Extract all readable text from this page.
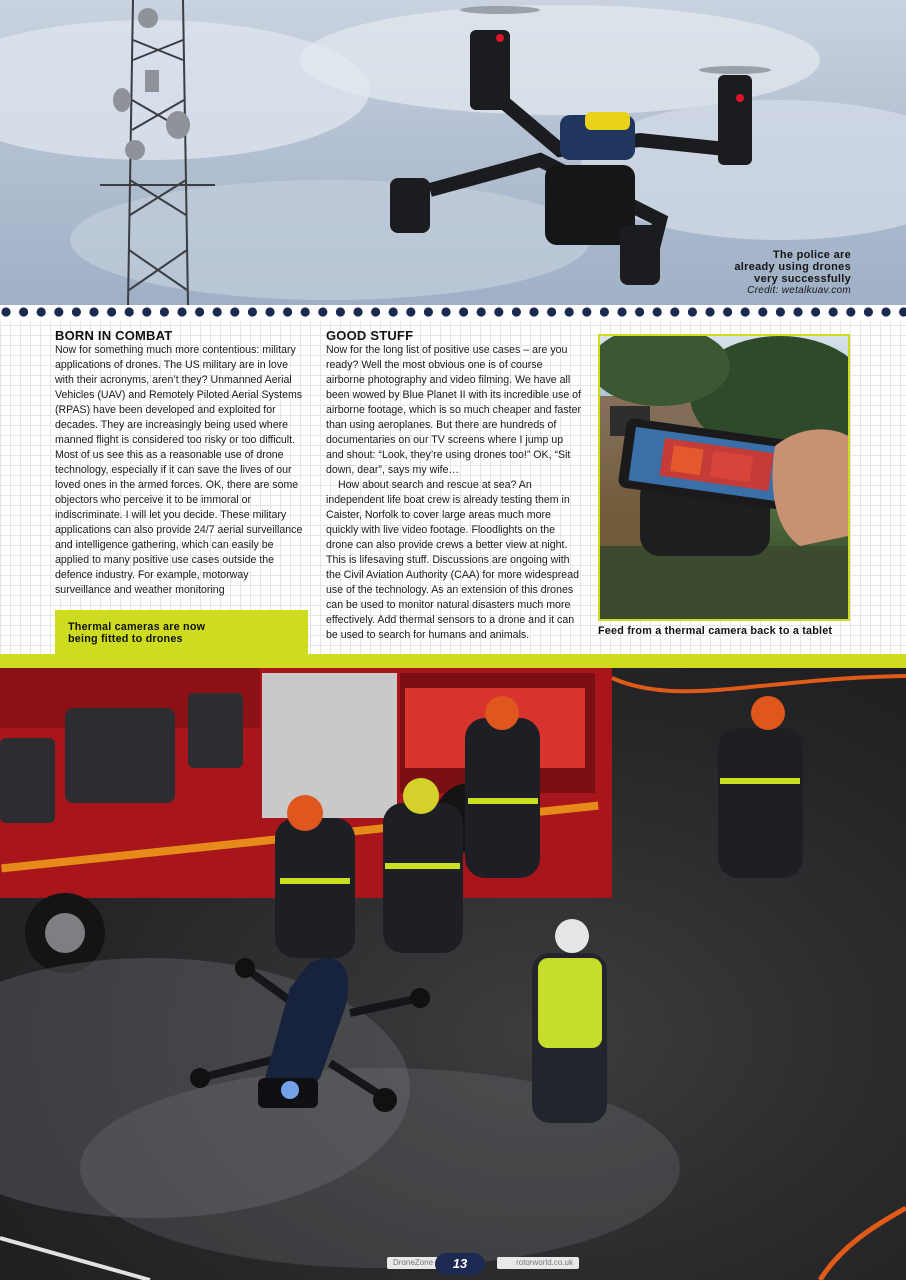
The police are
already using drones
very successfully
Credit: wetalkuav.com
BORN IN COMBAT

Now for something much more contentious: military applications of drones. The US military are in love with their acronyms, aren’t they? Unmanned Aerial Vehicles (UAV) and Remotely Piloted Aerial Systems (RPAS) have been developed and exploited for decades. They are increasingly being used where manned flight is considered too risky or too difficult. Most of us see this as a reasonable use of drone technology, especially if it can save the lives of our loved ones in the armed forces. OK, there are some objectors who perceive it to be immoral or indiscriminate. I will let you decide. These military applications can also provide 24/7 aerial surveillance and intelligence gathering, which can easily be applied to many positive use cases outside the defence industry. For example, motorway surveillance and weather monitoring

Thermal cameras are now
being fitted to drones
GOOD STUFF

Now for the long list of positive use cases – are you ready? Well the most obvious one is of course airborne photography and video filming. We have all been wowed by Blue Planet II with its incredible use of airborne footage, which is so much cheaper and faster than using aeroplanes. But there are hundreds of documentaries on our TV screens where I jump up and shout: “Look, they’re using drones too!” OK, “Sit down, dear”, says my wife…

How about search and rescue at sea? An independent life boat crew is already testing them in Caister, Norfolk to cover large areas much more quickly with live video footage. Floodlights on the drone can also provide crews a better view at night. This is lifesaving stuff. Discussions are ongoing with the Civil Aviation Authority (CAA) for more widespread use of the technology. As an extension of this drones can be used to monitor natural disasters much more effectively. Add thermal sensors to a drone and it can be used to search for humans and animals.	Feed from a thermal camera back to a tablet
DroneZone	13	rotorworld.co.uk
